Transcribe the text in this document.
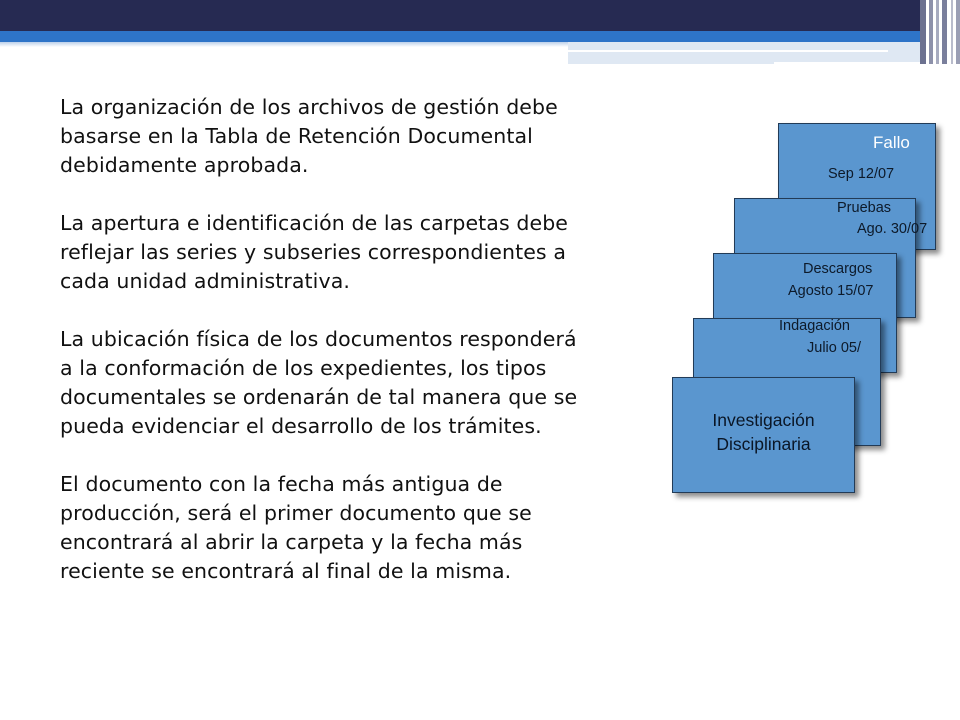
La organización de los archivos de gestión debe
basarse en la Tabla de Retención Documental
debidamente aprobada.
La apertura e identificación de las carpetas debe
reflejar las series y subseries correspondientes a
cada unidad administrativa.
La ubicación física de los documentos responderá
a la conformación de los expedientes, los tipos
documentales se ordenarán de tal manera que se
pueda evidenciar el desarrollo de los trámites.
El documento con la fecha más antigua de
producción, será el primer documento que se
encontrará al abrir la carpeta y la fecha más
reciente se encontrará al final de la misma.
Fallo
Sep 12/07
Pruebas
Ago. 30/07
Descargos
Agosto 15/07
Indagación
Julio 05/
Investigación
Disciplinaria
